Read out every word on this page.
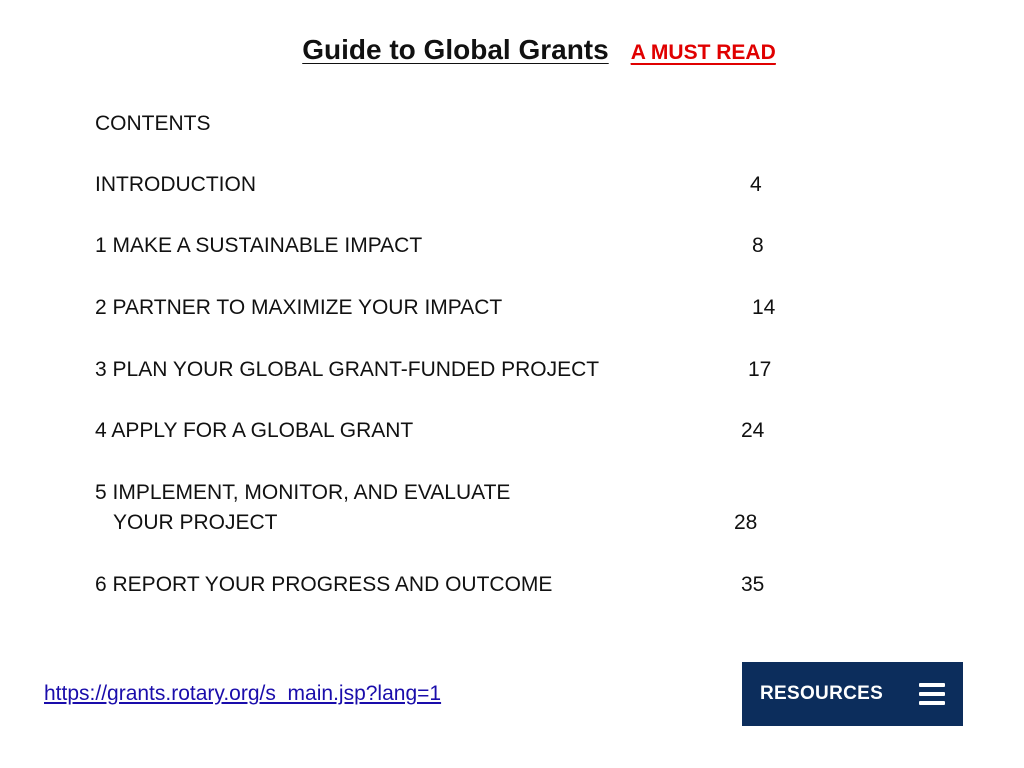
Guide to Global Grants A MUST READ
CONTENTS
INTRODUCTION	4
1 MAKE A SUSTAINABLE IMPACT	8
2 PARTNER TO MAXIMIZE YOUR IMPACT	14
3 PLAN YOUR GLOBAL GRANT-FUNDED PROJECT	17
4 APPLY FOR A GLOBAL GRANT	24
5 IMPLEMENT, MONITOR, AND EVALUATE
YOUR PROJECT	28
6 REPORT YOUR PROGRESS AND OUTCOME	35
https://grants.rotary.org/s_main.jsp?lang=1	RESOURCES
